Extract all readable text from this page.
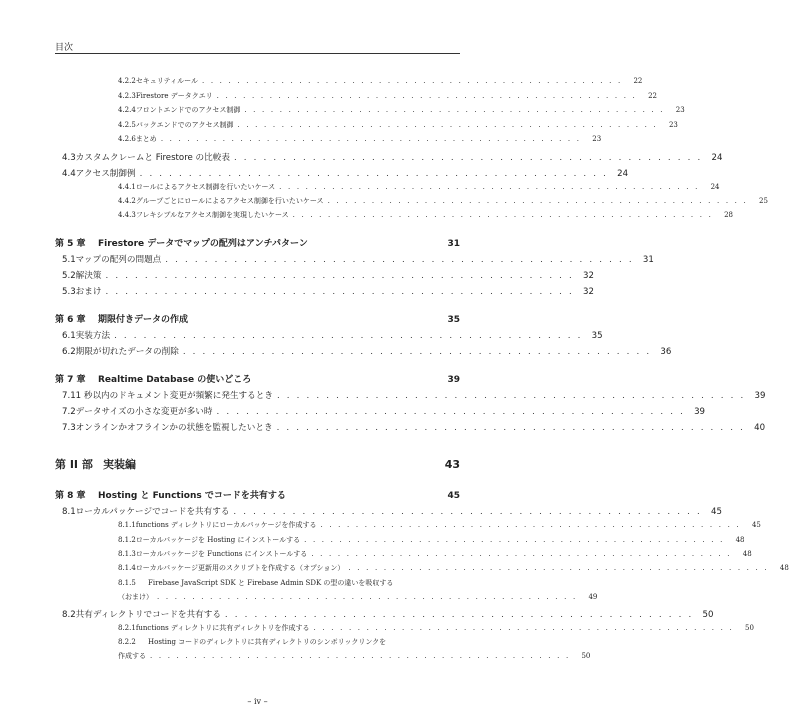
目次
4.2.2 セキュリティルール . . . . . . . . . . . . . . . . . . . . . . . . . . . . . . . . . . . . . . . . . . . . . . . .	22
4.2.3 Firestore データクエリ . . . . . . . . . . . . . . . . . . . . . . . . . . . . . . . . . . . . . . . . . . . . . . . .	22
4.2.4 フロントエンドでのアクセス制御 . . . . . . . . . . . . . . . . . . . . . . . . . . . . . . . . . . . . . . . . . . . . . . . .	23
4.2.5 バックエンドでのアクセス制御 . . . . . . . . . . . . . . . . . . . . . . . . . . . . . . . . . . . . . . . . . . . . . . . .	23
4.2.6 まとめ . . . . . . . . . . . . . . . . . . . . . . . . . . . . . . . . . . . . . . . . . . . . . . . .	23
4.3 カスタムクレームと Firestore の比較表 . . . . . . . . . . . . . . . . . . . . . . . . . . . . . . . . . . . . . . . . . . . . . . . .	24
4.4 アクセス制御例 . . . . . . . . . . . . . . . . . . . . . . . . . . . . . . . . . . . . . . . . . . . . . . . .	24
4.4.1 ロールによるアクセス制御を行いたいケース . . . . . . . . . . . . . . . . . . . . . . . . . . . . . . . . . . . . . . . . . . . . . . . .	24
4.4.2 グループごとにロールによるアクセス制御を行いたいケース . . . . . . . . . . . . . . . . . . . . . . . . . . . . . . . . . . . . . . . . . . . . . . . .	25
4.4.3 フレキシブルなアクセス制御を実現したいケース . . . . . . . . . . . . . . . . . . . . . . . . . . . . . . . . . . . . . . . . . . . . . . . .	28
第 5 章	Firestore データでマップの配列はアンチパターン	31
5.1 マップの配列の問題点 . . . . . . . . . . . . . . . . . . . . . . . . . . . . . . . . . . . . . . . . . . . . . . . .	31
5.2 解決策 . . . . . . . . . . . . . . . . . . . . . . . . . . . . . . . . . . . . . . . . . . . . . . . .	32
5.3 おまけ . . . . . . . . . . . . . . . . . . . . . . . . . . . . . . . . . . . . . . . . . . . . . . . .	32
第 6 章	期限付きデータの作成	35
6.1 実装方法 . . . . . . . . . . . . . . . . . . . . . . . . . . . . . . . . . . . . . . . . . . . . . . . .	35
6.2 期限が切れたデータの削除 . . . . . . . . . . . . . . . . . . . . . . . . . . . . . . . . . . . . . . . . . . . . . . . .	36
第 7 章	Realtime Database の使いどころ	39
7.1 1 秒以内のドキュメント変更が頻繁に発生するとき . . . . . . . . . . . . . . . . . . . . . . . . . . . . . . . . . . . . . . . . . . . . . . . .	39
7.2 データサイズの小さな変更が多い時 . . . . . . . . . . . . . . . . . . . . . . . . . . . . . . . . . . . . . . . . . . . . . . . .	39
7.3 オンラインかオフラインかの状態を監視したいとき . . . . . . . . . . . . . . . . . . . . . . . . . . . . . . . . . . . . . . . . . . . . . . . .	40
第 II 部 実装編	43
第 8 章	Hosting と Functions でコードを共有する	45
8.1 ローカルパッケージでコードを共有する . . . . . . . . . . . . . . . . . . . . . . . . . . . . . . . . . . . . . . . . . . . . . . . .	45
8.1.1 functions ディレクトリにローカルパッケージを作成する . . . . . . . . . . . . . . . . . . . . . . . . . . . . . . . . . . . . . . . . . . . . . . . .	45
8.1.2 ローカルパッケージを Hosting にインストールする . . . . . . . . . . . . . . . . . . . . . . . . . . . . . . . . . . . . . . . . . . . . . . . .	48
8.1.3 ローカルパッケージを Functions にインストールする . . . . . . . . . . . . . . . . . . . . . . . . . . . . . . . . . . . . . . . . . . . . . . . .	48
8.1.4 ローカルパッケージ更新用のスクリプトを作成する（オプション） . . . . . . . . . . . . . . . . . . . . . . . . . . . . . . . . . . . . . . . . . . . . . . . .	48
8.1.5	Firebase JavaScript SDK と Firebase Admin SDK の型の違いを吸収する
（おまけ） . . . . . . . . . . . . . . . . . . . . . . . . . . . . . . . . . . . . . . . . . . . . . . . .	49
8.2 共有ディレクトリでコードを共有する . . . . . . . . . . . . . . . . . . . . . . . . . . . . . . . . . . . . . . . . . . . . . . . .	50
8.2.1 functions ディレクトリに共有ディレクトリを作成する . . . . . . . . . . . . . . . . . . . . . . . . . . . . . . . . . . . . . . . . . . . . . . . .	50
8.2.2	Hosting コードのディレクトリに共有ディレクトリのシンボリックリンクを
作成する . . . . . . . . . . . . . . . . . . . . . . . . . . . . . . . . . . . . . . . . . . . . . . . .	50
– iv –
